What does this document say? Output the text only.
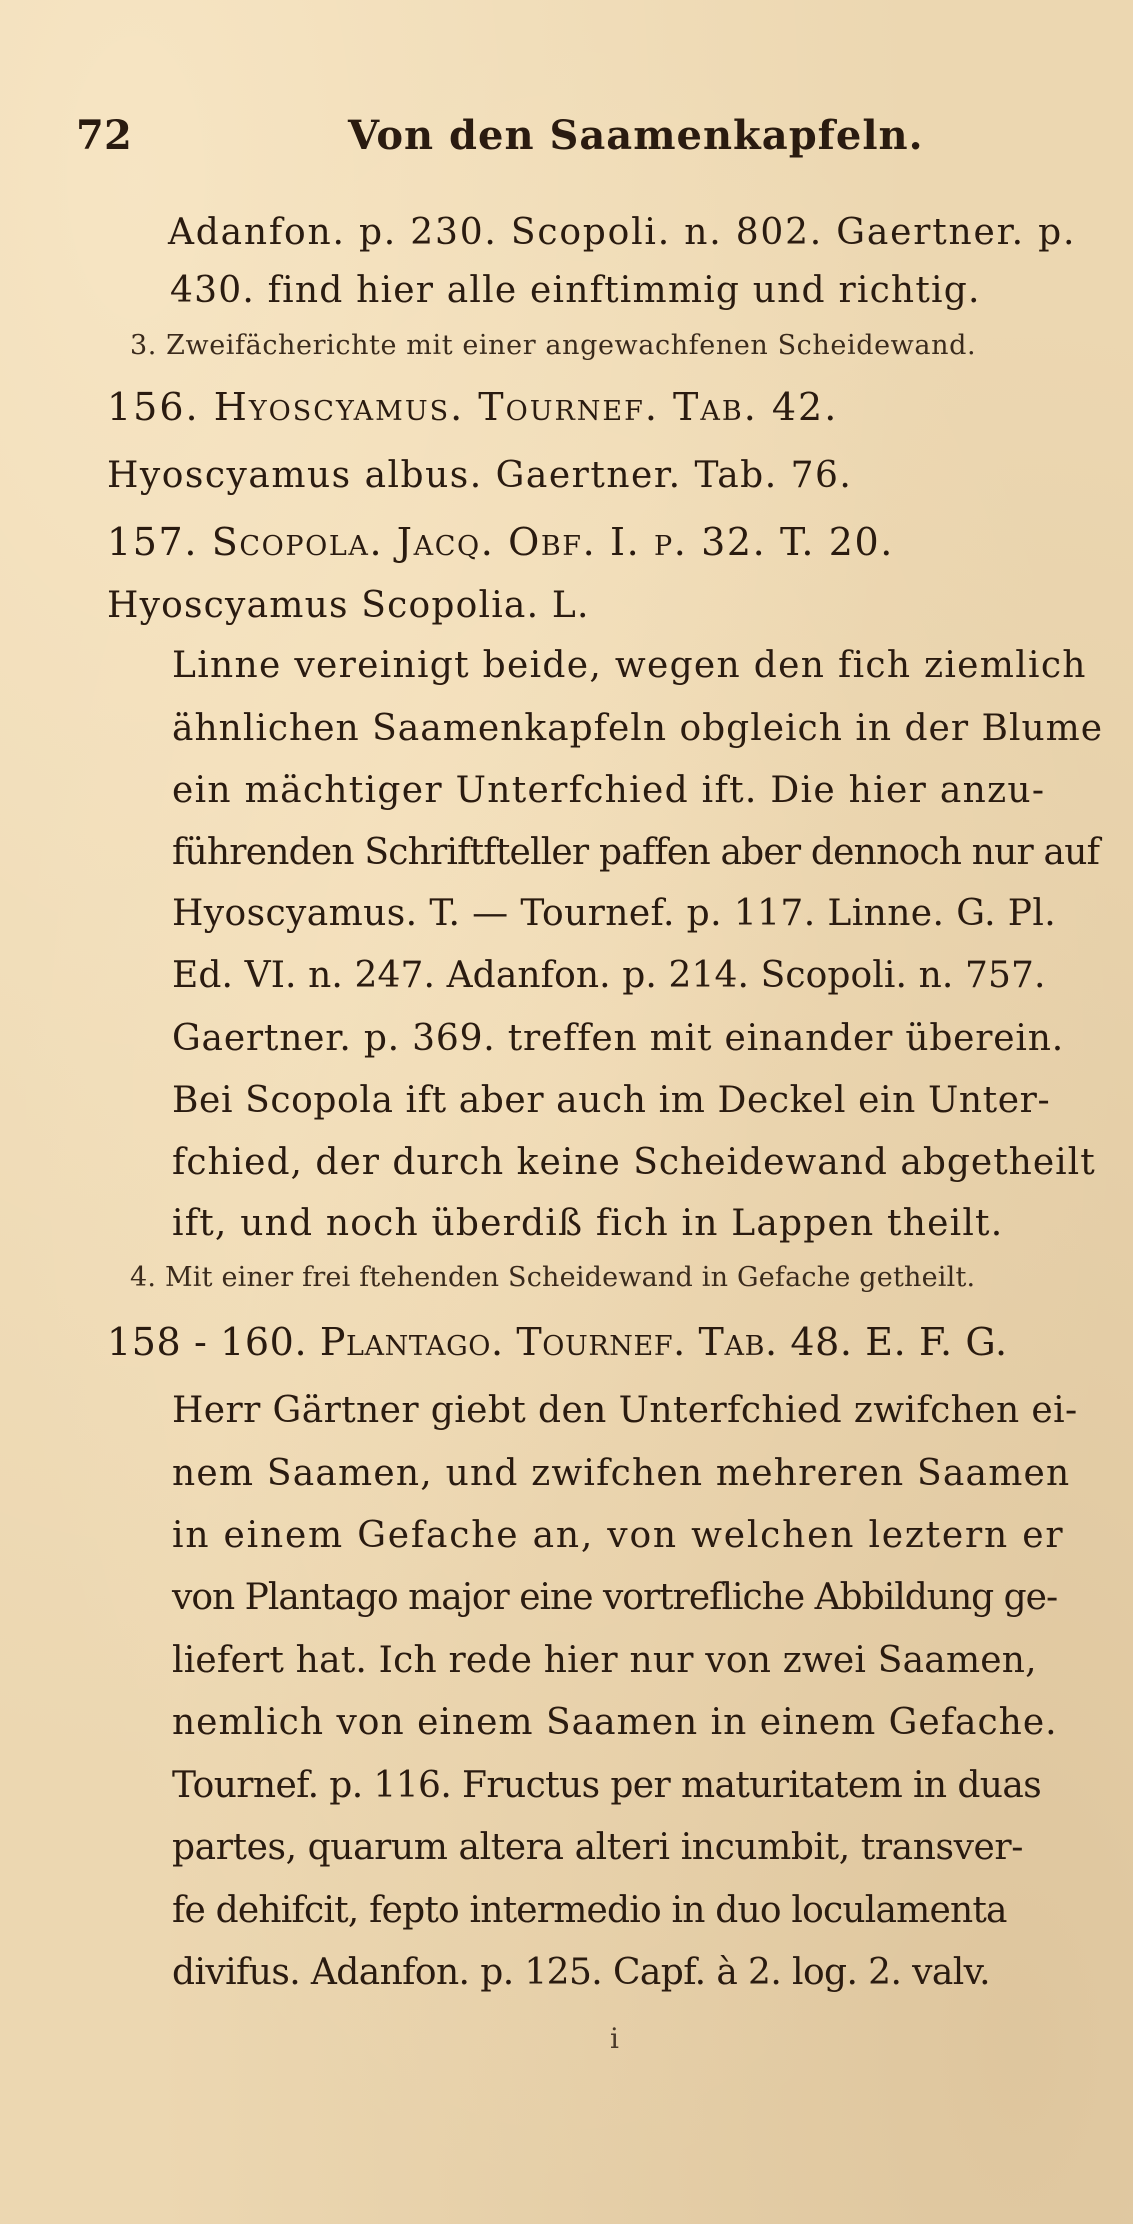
72	Von den Saamenkapfeln.
Adanfon. p. 230. Scopoli. n. 802. Gaertner. p.
430. find hier alle einftimmig und richtig.
3. Zweifächerichte mit einer angewachfenen Scheidewand.
156. Hyoscyamus. Tournef. Tab. 42.
Hyoscyamus albus. Gaertner. Tab. 76.
157. Scopola. Jacq. Obf. I. p. 32. T. 20.
Hyoscyamus Scopolia. L.
Linne vereinigt beide, wegen den fich ziemlich
ähnlichen Saamenkapfeln obgleich in der Blume
ein mächtiger Unterfchied ift. Die hier anzu-
führenden Schriftfteller paffen aber dennoch nur auf
Hyoscyamus. T. — Tournef. p. 117. Linne. G. Pl.
Ed. VI. n. 247. Adanfon. p. 214. Scopoli. n. 757.
Gaertner. p. 369. treffen mit einander überein.
Bei Scopola ift aber auch im Deckel ein Unter-
fchied, der durch keine Scheidewand abgetheilt
ift, und noch überdiß fich in Lappen theilt.
4. Mit einer frei ftehenden Scheidewand in Gefache getheilt.
158 - 160. Plantago. Tournef. Tab. 48. E. F. G.
Herr Gärtner giebt den Unterfchied zwifchen ei-
nem Saamen, und zwifchen mehreren Saamen
in einem Gefache an, von welchen leztern er
von Plantago major eine vortrefliche Abbildung ge-
liefert hat. Ich rede hier nur von zwei Saamen,
nemlich von einem Saamen in einem Gefache.
Tournef. p. 116. Fructus per maturitatem in duas
partes, quarum altera alteri incumbit, transver-
fe dehifcit, fepto intermedio in duo loculamenta
divifus. Adanfon. p. 125. Capf. à 2. log. 2. valv.
i
